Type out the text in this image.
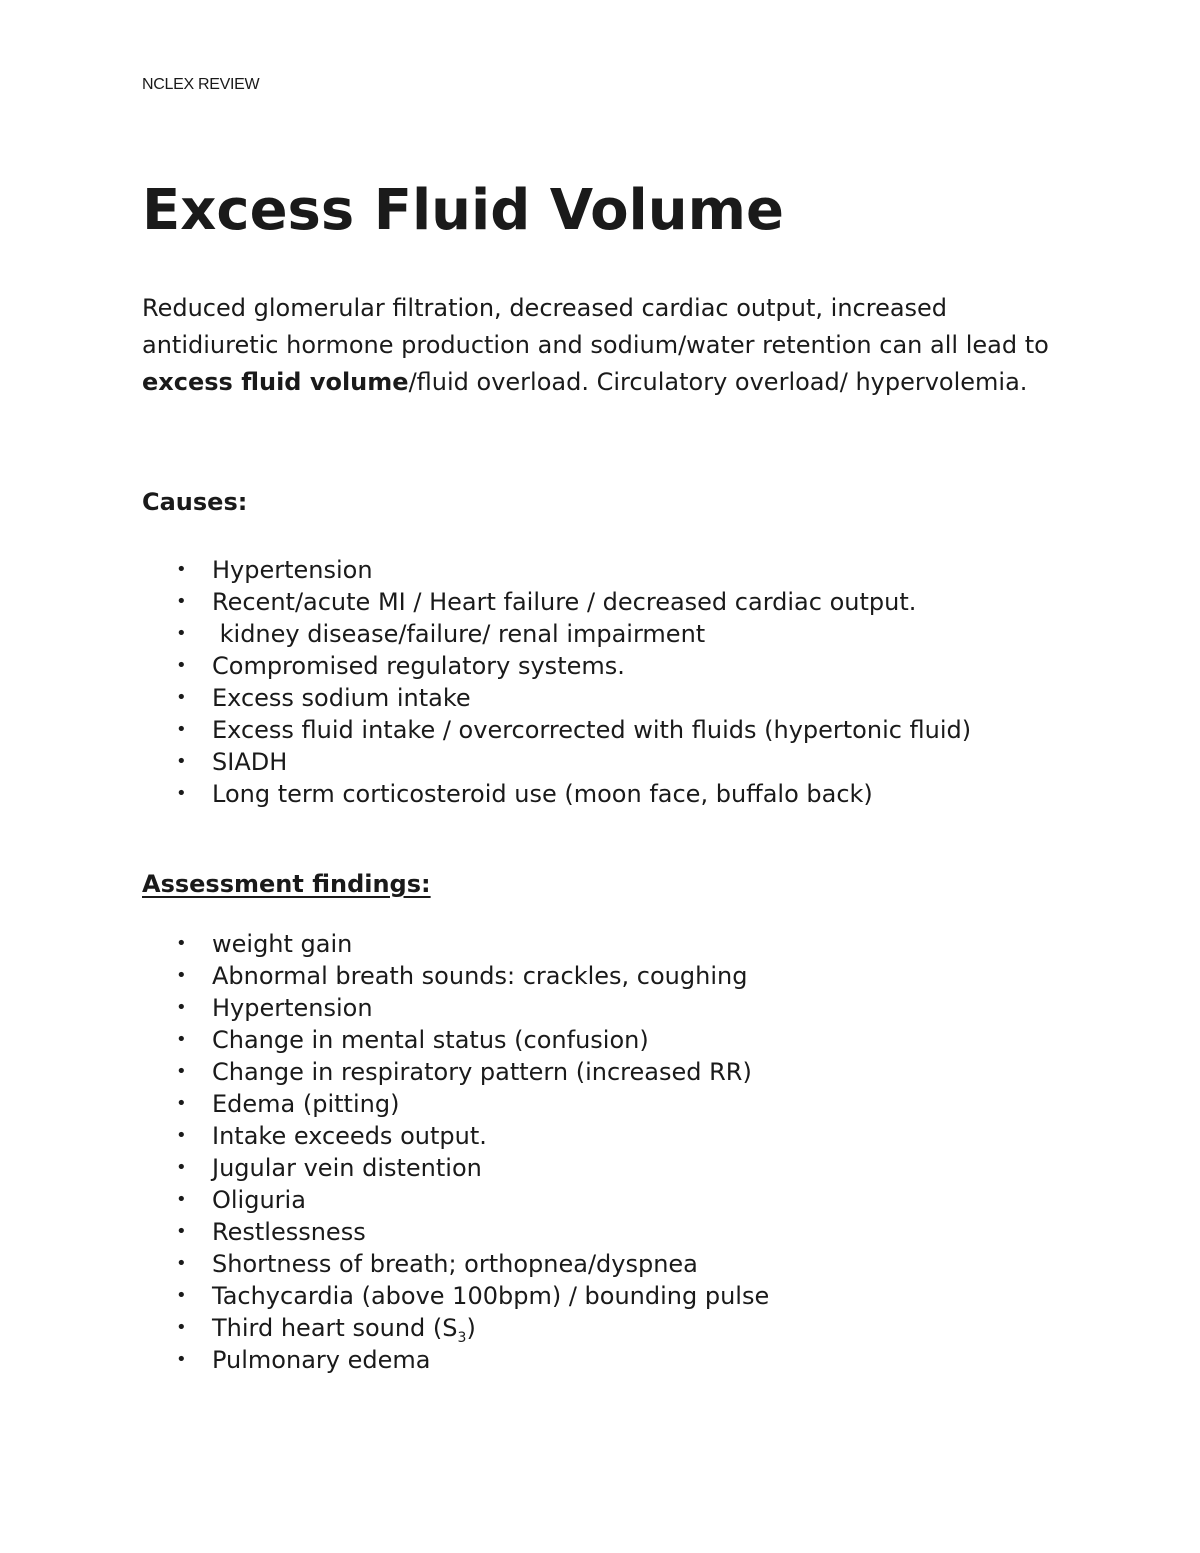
NCLEX REVIEW
Excess Fluid Volume

Reduced glomerular filtration, decreased cardiac output, increased antidiuretic hormone production and sodium/water retention can all lead to excess fluid volume/fluid overload. Circulatory overload/ hypervolemia.

Causes:
• Hypertension
• Recent/acute MI / Heart failure / decreased cardiac output.
• kidney disease/failure/ renal impairment
• Compromised regulatory systems.
• Excess sodium intake
• Excess fluid intake / overcorrected with fluids (hypertonic fluid)
• SIADH
• Long term corticosteroid use (moon face, buffalo back)
Assessment findings:
• weight gain
• Abnormal breath sounds: crackles, coughing
• Hypertension
• Change in mental status (confusion)
• Change in respiratory pattern (increased RR)
• Edema (pitting)
• Intake exceeds output.
• Jugular vein distention
• Oliguria
• Restlessness
• Shortness of breath; orthopnea/dyspnea
• Tachycardia (above 100bpm) / bounding pulse
• Third heart sound $(S_3)$
• Pulmonary edema
